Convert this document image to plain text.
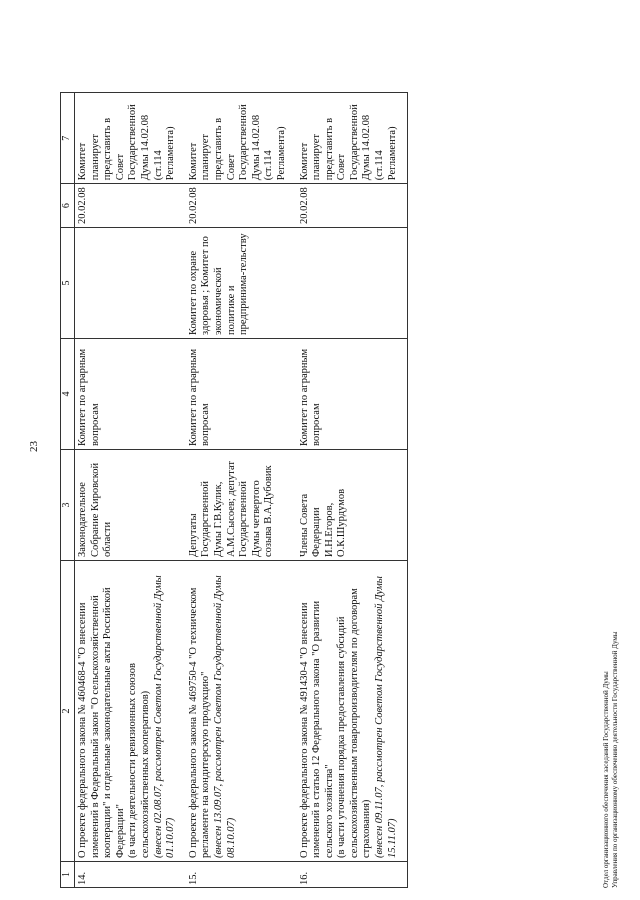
23
1	2	3	4	5	6	7
14.	О проекте федерального закона № 460468-4 "О внесении изменений в Федеральный закон "О сельскохозяйственной кооперации" и отдельные законодательные акты Российской Федерации" (в части деятельности ревизионных союзов сельскохозяйственных кооперативов) (внесен 02.08.07, рассмотрен Советом Государственной Думы 01.10.07)	Законодательное Собрание Кировской области	Комитет по аграрным вопросам		20.02.08	Комитет планирует представить в Совет Государственной Думы 14.02.08 (ст.114 Регламента)
15.	О проекте федерального закона № 469750-4 "О техническом регламенте на кондитерскую продукцию" (внесен 13.09.07, рассмотрен Советом Государственной Думы 08.10.07)	Депутаты Государственной Думы Г.В.Кулик, А.М.Сысоев; депутат Государственной Думы четвертого созыва В.А.Дубовик	Комитет по аграрным вопросам	Комитет по охране здоровья ; Комитет по экономической политике и предпринима-тельству	20.02.08	Комитет планирует представить в Совет Государственной Думы 14.02.08 (ст.114 Регламента)
16.	О проекте федерального закона № 491430-4 "О внесении изменений в статью 12 Федерального закона "О развитии сельского хозяйства" (в части уточнения порядка предоставления субсидий сельскохозяйственным товаропроизводителям по договорам страхования) (внесен 09.11.07, рассмотрен Советом Государственной Думы 15.11.07)	Члены Совета Федерации И.Н.Егоров, О.К.Шурдумов	Комитет по аграрным вопросам		20.02.08	Комитет планирует представить в Совет Государственной Думы 14.02.08 (ст.114 Регламента)
Отдел организационного обеспечения заседаний Государственной Думы Управления по организационному обеспечению деятельности Государственной Думы
